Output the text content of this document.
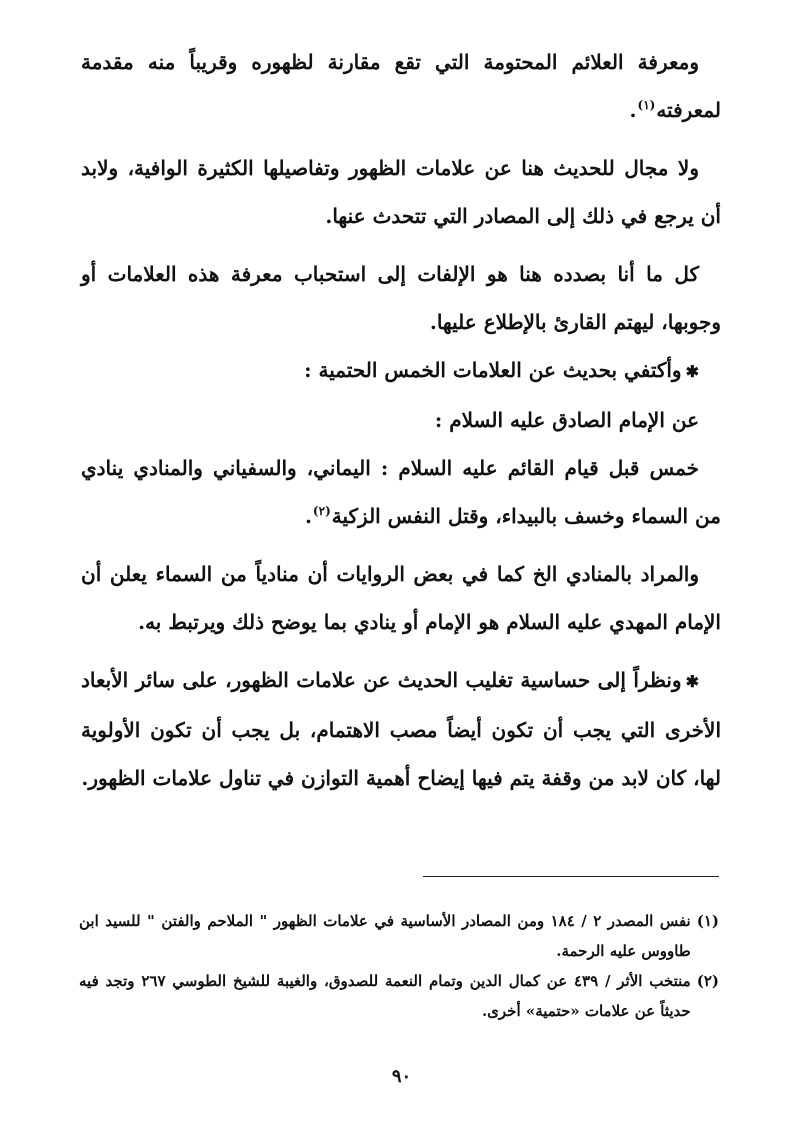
ومعرفة العلائم المحتومة التي تقع مقارنة لظهوره وقريباً منه مقدمة لمعرفته$^{(١)}$.

ولا مجال للحديث هنا عن علامات الظهور وتفاصيلها الكثيرة الوافية، ولابد أن يرجع في ذلك إلى المصادر التي تتحدث عنها.

كل ما أنا بصدده هنا هو الإلفات إلى استحباب معرفة هذه العلامات أو وجوبها، ليهتم القارئ بالإطلاع عليها.

✱وأكتفي بحديث عن العلامات الخمس الحتمية :

عن الإمام الصادق عليه السلام :

خمس قبل قيام القائم عليه السلام : اليماني، والسفياني والمنادي ينادي من السماء وخسف بالبيداء، وقتل النفس الزكية$^{(٢)}$.

والمراد بالمنادي الخ كما في بعض الروايات أن منادياً من السماء يعلن أن الإمام المهدي عليه السلام هو الإمام أو ينادي بما يوضح ذلك ويرتبط به.

✱ونظراً إلى حساسية تغليب الحديث عن علامات الظهور، على سائر الأبعاد الأخرى التي يجب أن تكون أيضاً مصب الاهتمام، بل يجب أن تكون الأولوية لها، كان لابد من وقفة يتم فيها إيضاح أهمية التوازن في تناول علامات الظهور.

(١)
نفس المصدر ٢ / ١٨٤ ومن المصادر الأساسية في علامات الظهور " الملاحم والفتن " للسيد ابن طاووس عليه الرحمة.

(٢)
منتخب الأثر / ٤٣٩ عن كمال الدين وتمام النعمة للصدوق، والغيبة للشيخ الطوسي ٢٦٧ وتجد فيه حديثاً عن علامات «حتمية» أخرى.

٩٠
